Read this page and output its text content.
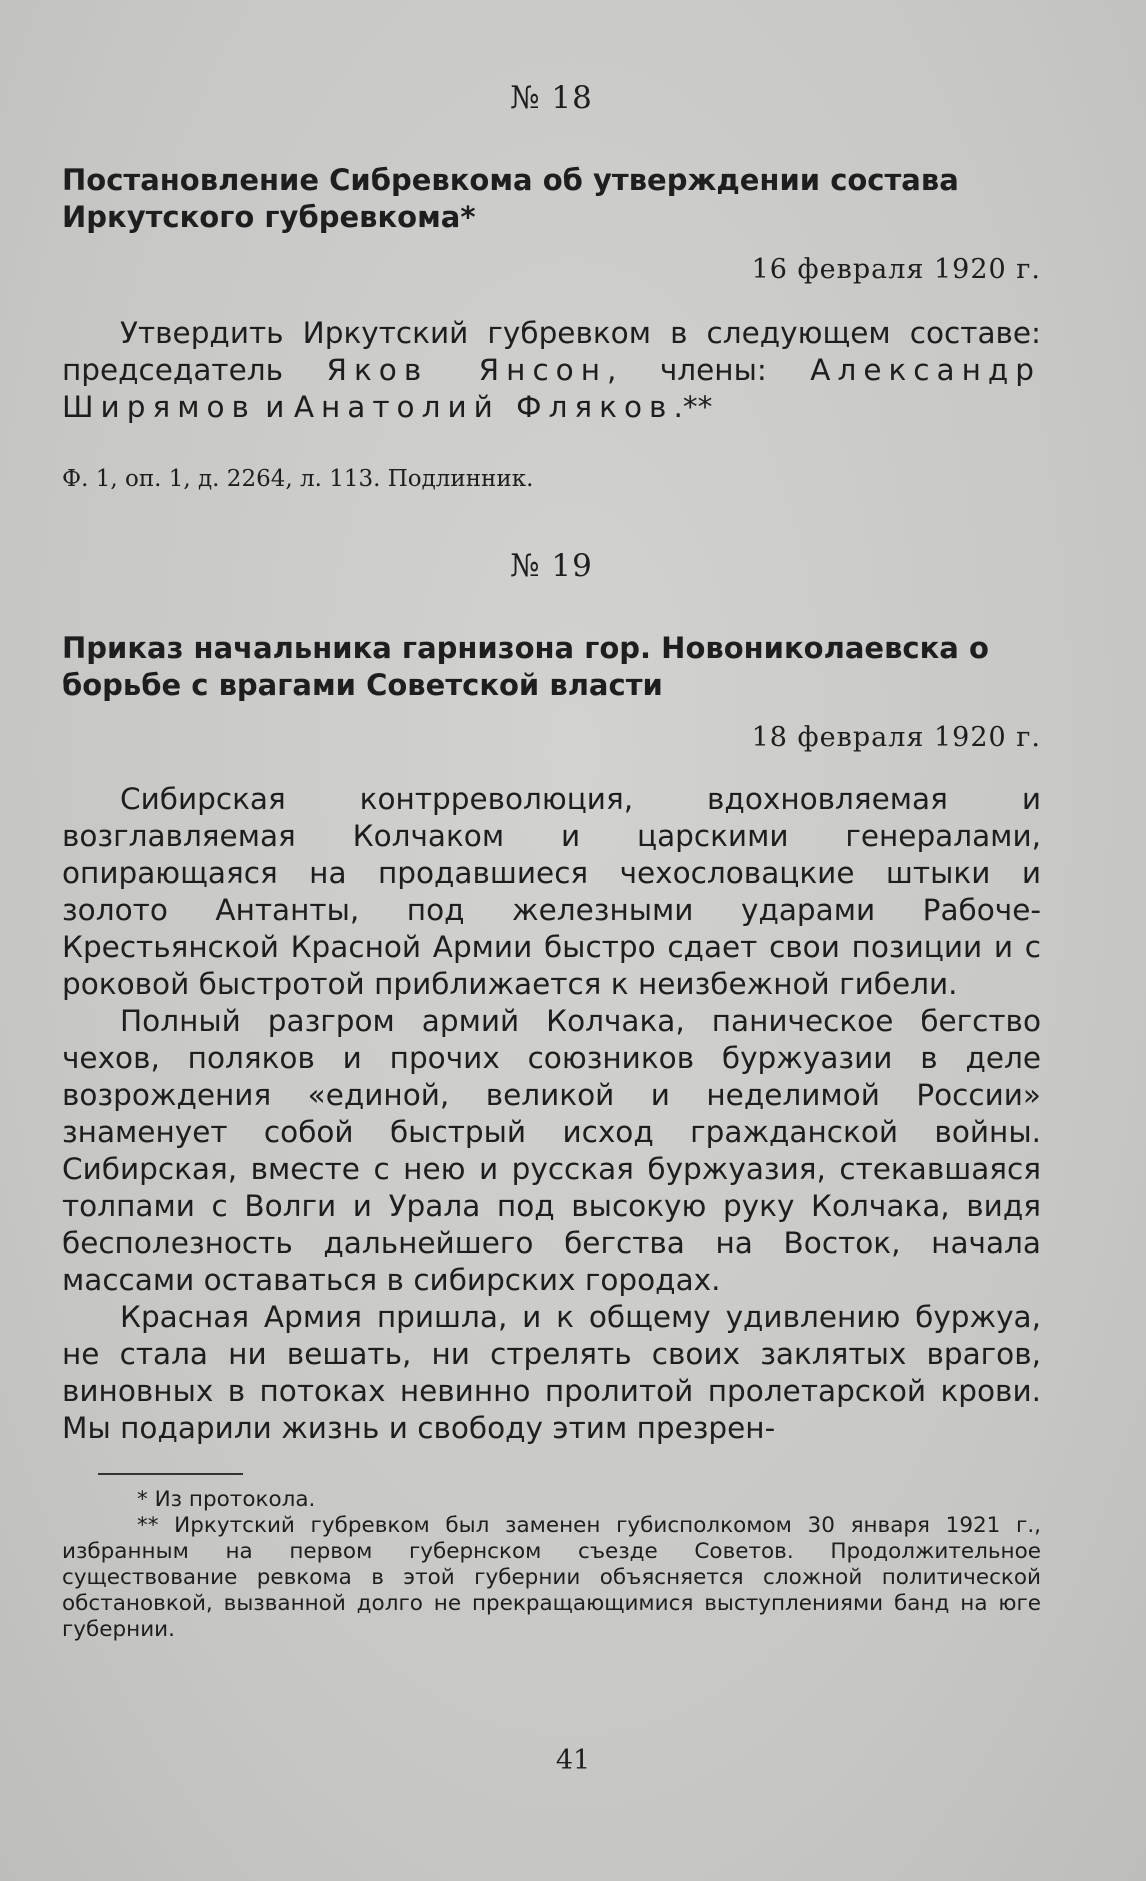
№ 18
Постановление Сибревкома об утверждении состава Иркутского губревкома*
16 февраля 1920 г.

Утвердить Иркутский губревком в следующем составе: председатель Яков Янсон, члены: Александр Ширямов и Анатолий Фляков.**

Ф. 1, оп. 1, д. 2264, л. 113. Подлинник.
№ 19
Приказ начальника гарнизона гор. Новониколаевска о борьбе с врагами Советской власти
18 февраля 1920 г.

Сибирская контрреволюция, вдохновляемая и возглавляемая Колчаком и царскими генералами, опирающаяся на продавшиеся чехословацкие штыки и золото Антанты, под железными ударами Рабоче-Крестьянской Красной Армии быстро сдает свои позиции и с роковой быстротой приближается к неизбежной гибели.

Полный разгром армий Колчака, паническое бегство чехов, поляков и прочих союзников буржуазии в деле возрождения «единой, великой и неделимой России» знаменует собой быстрый исход гражданской войны. Сибирская, вместе с нею и русская буржуазия, стекавшаяся толпами с Волги и Урала под высокую руку Колчака, видя бесполезность дальнейшего бегства на Восток, начала массами оставаться в сибирских городах.

Красная Армия пришла, и к общему удивлению буржуа, не стала ни вешать, ни стрелять своих заклятых врагов, виновных в потоках невинно пролитой пролетарской крови. Мы подарили жизнь и свободу этим презрен-

* Из протокола.

** Иркутский губревком был заменен губисполкомом 30 января 1921 г., избранным на первом губернском съезде Советов. Продолжительное существование ревкома в этой губернии объясняется сложной политической обстановкой, вызванной долго не прекращающимися выступлениями банд на юге губернии.

41
